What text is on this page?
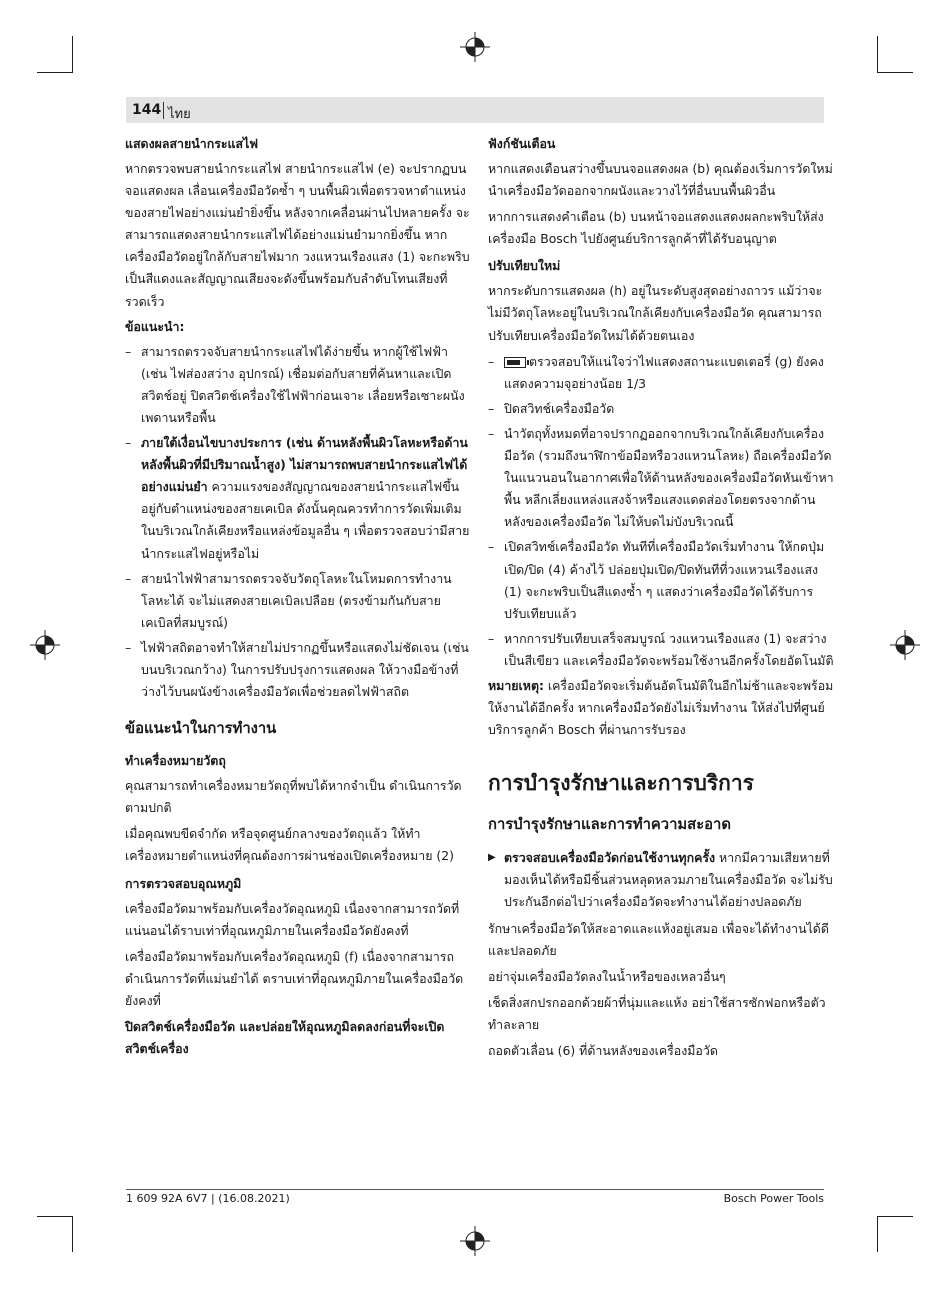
144 ไทย
แสดงผลสายนำกระแสไฟ

หากตรวจพบสายนำกระแสไฟ สายนำกระแสไฟ (e) จะปรากฏบนจอแสดงผล เลื่อนเครื่องมือวัดซ้ำ ๆ บนพื้นผิวเพื่อตรวจหาตำแหน่งของสายไฟอย่างแม่นยำยิ่งขึ้น หลังจากเคลื่อนผ่านไปหลายครั้ง จะสามารถแสดงสายนำกระแสไฟได้อย่างแม่นยำมากยิ่งขึ้น หากเครื่องมือวัดอยู่ใกล้กับสายไฟมาก วงแหวนเรืองแสง (1) จะกะพริบเป็นสีแดงและสัญญาณเสียงจะดังขึ้นพร้อมกับลำดับโทนเสียงที่รวดเร็ว

ข้อแนะนำ:
– สามารถตรวจจับสายนำกระแสไฟได้ง่ายขึ้น หากผู้ใช้ไฟฟ้า (เช่น ไฟส่องสว่าง อุปกรณ์) เชื่อมต่อกับสายที่ค้นหาและเปิดสวิตช์อยู่ ปิดสวิตช์เครื่องใช้ไฟฟ้าก่อนเจาะ เลื่อยหรือเซาะผนังเพดานหรือพื้น
– ภายใต้เงื่อนไขบางประการ (เช่น ด้านหลังพื้นผิวโลหะหรือด้านหลังพื้นผิวที่มีปริมาณน้ำสูง) ไม่สามารถพบสายนำกระแสไฟได้อย่างแม่นยำ ความแรงของสัญญาณของสายนำกระแสไฟขึ้นอยู่กับตำแหน่งของสายเคเบิล ดังนั้นคุณควรทำการวัดเพิ่มเติมในบริเวณใกล้เคียงหรือแหล่งข้อมูลอื่น ๆ เพื่อตรวจสอบว่ามีสายนำกระแสไฟอยู่หรือไม่
– สายนำไฟฟ้าสามารถตรวจจับวัตถุโลหะในโหมดการทำงานโลหะได้ จะไม่แสดงสายเคเบิลเปลือย (ตรงข้ามกันกับสายเคเบิลที่สมบูรณ์)
– ไฟฟ้าสถิตอาจทำให้สายไม่ปรากฏขึ้นหรือแสดงไม่ชัดเจน (เช่น บนบริเวณกว้าง) ในการปรับปรุงการแสดงผล ให้วางมือข้างที่ว่างไว้บนผนังข้างเครื่องมือวัดเพื่อช่วยลดไฟฟ้าสถิต
ข้อแนะนำในการทำงาน
ทำเครื่องหมายวัตถุ

คุณสามารถทำเครื่องหมายวัตถุที่พบได้หากจำเป็น ดำเนินการวัดตามปกติ

เมื่อคุณพบขีดจำกัด หรือจุดศูนย์กลางของวัตถุแล้ว ให้ทำเครื่องหมายตำแหน่งที่คุณต้องการผ่านช่องเปิดเครื่องหมาย (2)

การตรวจสอบอุณหภูมิ

เครื่องมือวัดมาพร้อมกับเครื่องวัดอุณหภูมิ เนื่องจากสามารถวัดที่แน่นอนได้ราบเท่าที่อุณหภูมิภายในเครื่องมือวัดยังคงที่

เครื่องมือวัดมาพร้อมกับเครื่องวัดอุณหภูมิ (f) เนื่องจากสามารถดำเนินการวัดที่แม่นยำได้ ตราบเท่าที่อุณหภูมิภายในเครื่องมือวัดยังคงที่

ปิดสวิตช์เครื่องมือวัด และปล่อยให้อุณหภูมิลดลงก่อนที่จะเปิดสวิตช์เครื่อง

ฟังก์ชันเตือน

หากแสดงเตือนสว่างขึ้นบนจอแสดงผล (b) คุณต้องเริ่มการวัดใหม่ นำเครื่องมือวัดออกจากผนังและวางไว้ที่อื่นบนพื้นผิวอื่น

หากการแสดงคำเตือน (b) บนหน้าจอแสดงแสดงผลกะพริบให้ส่งเครื่องมือ Bosch ไปยังศูนย์บริการลูกค้าที่ได้รับอนุญาต

ปรับเทียบใหม่

หากระดับการแสดงผล (h) อยู่ในระดับสูงสุดอย่างถาวร แม้ว่าจะไม่มีวัตถุโลหะอยู่ในบริเวณใกล้เคียงกับเครื่องมือวัด คุณสามารถปรับเทียบเครื่องมือวัดใหม่ได้ด้วยตนเอง

– ตรวจสอบให้แน่ใจว่าไฟแสดงสถานะแบตเตอรี่ (g) ยังคงแสดงความจุอย่างน้อย 1/3
– ปิดสวิทช์เครื่องมือวัด
– นำวัตถุทั้งหมดที่อาจปรากฏออกจากบริเวณใกล้เคียงกับเครื่องมือวัด (รวมถึงนาฬิกาข้อมือหรือวงแหวนโลหะ) ถือเครื่องมือวัดในแนวนอนในอากาศเพื่อให้ด้านหลังของเครื่องมือวัดหันเข้าหาพื้น หลีกเลี่ยงแหล่งแสงจ้าหรือแสงแดดส่องโดยตรงจากด้านหลังของเครื่องมือวัด ไม่ให้บดไม่บังบริเวณนี้
– เปิดสวิทช์เครื่องมือวัด ทันทีที่เครื่องมือวัดเริ่มทำงาน ให้กดปุ่มเปิด/ปิด (4) ค้างไว้ ปล่อยปุ่มเปิด/ปิดทันทีที่วงแหวนเรืองแสง (1) จะกะพริบเป็นสีแดงซ้ำ ๆ แสดงว่าเครื่องมือวัดได้รับการปรับเทียบแล้ว
– หากการปรับเทียบเสร็จสมบูรณ์ วงแหวนเรืองแสง (1) จะสว่างเป็นสีเขียว และเครื่องมือวัดจะพร้อมใช้งานอีกครั้งโดยอัตโนมัติ

หมายเหตุ: เครื่องมือวัดจะเริ่มต้นอัตโนมัติในอีกไม่ช้าและจะพร้อมให้งานได้อีกครั้ง หากเครื่องมือวัดยังไม่เริ่มทำงาน ให้ส่งไปที่ศูนย์บริการลูกค้า Bosch ที่ผ่านการรับรอง

การบำรุงรักษาและการบริการ
การบำรุงรักษาและการทำความสะอาด
▶ ตรวจสอบเครื่องมือวัดก่อนใช้งานทุกครั้ง หากมีความเสียหายที่มองเห็นได้หรือมีชิ้นส่วนหลุดหลวมภายในเครื่องมือวัด จะไม่รับประกันอีกต่อไปว่าเครื่องมือวัดจะทำงานได้อย่างปลอดภัย

รักษาเครื่องมือวัดให้สะอาดและแห้งอยู่เสมอ เพื่อจะได้ทำงานได้ดีและปลอดภัย

อย่าจุ่มเครื่องมือวัดลงในน้ำหรือของเหลวอื่นๆ

เช็ดสิ่งสกปรกออกด้วยผ้าที่นุ่มและแห้ง อย่าใช้สารซักฟอกหรือตัวทำละลาย

ถอดตัวเลื่อน (6) ที่ด้านหลังของเครื่องมือวัด

1 609 92A 6V7 | (16.08.2021)	Bosch Power Tools
